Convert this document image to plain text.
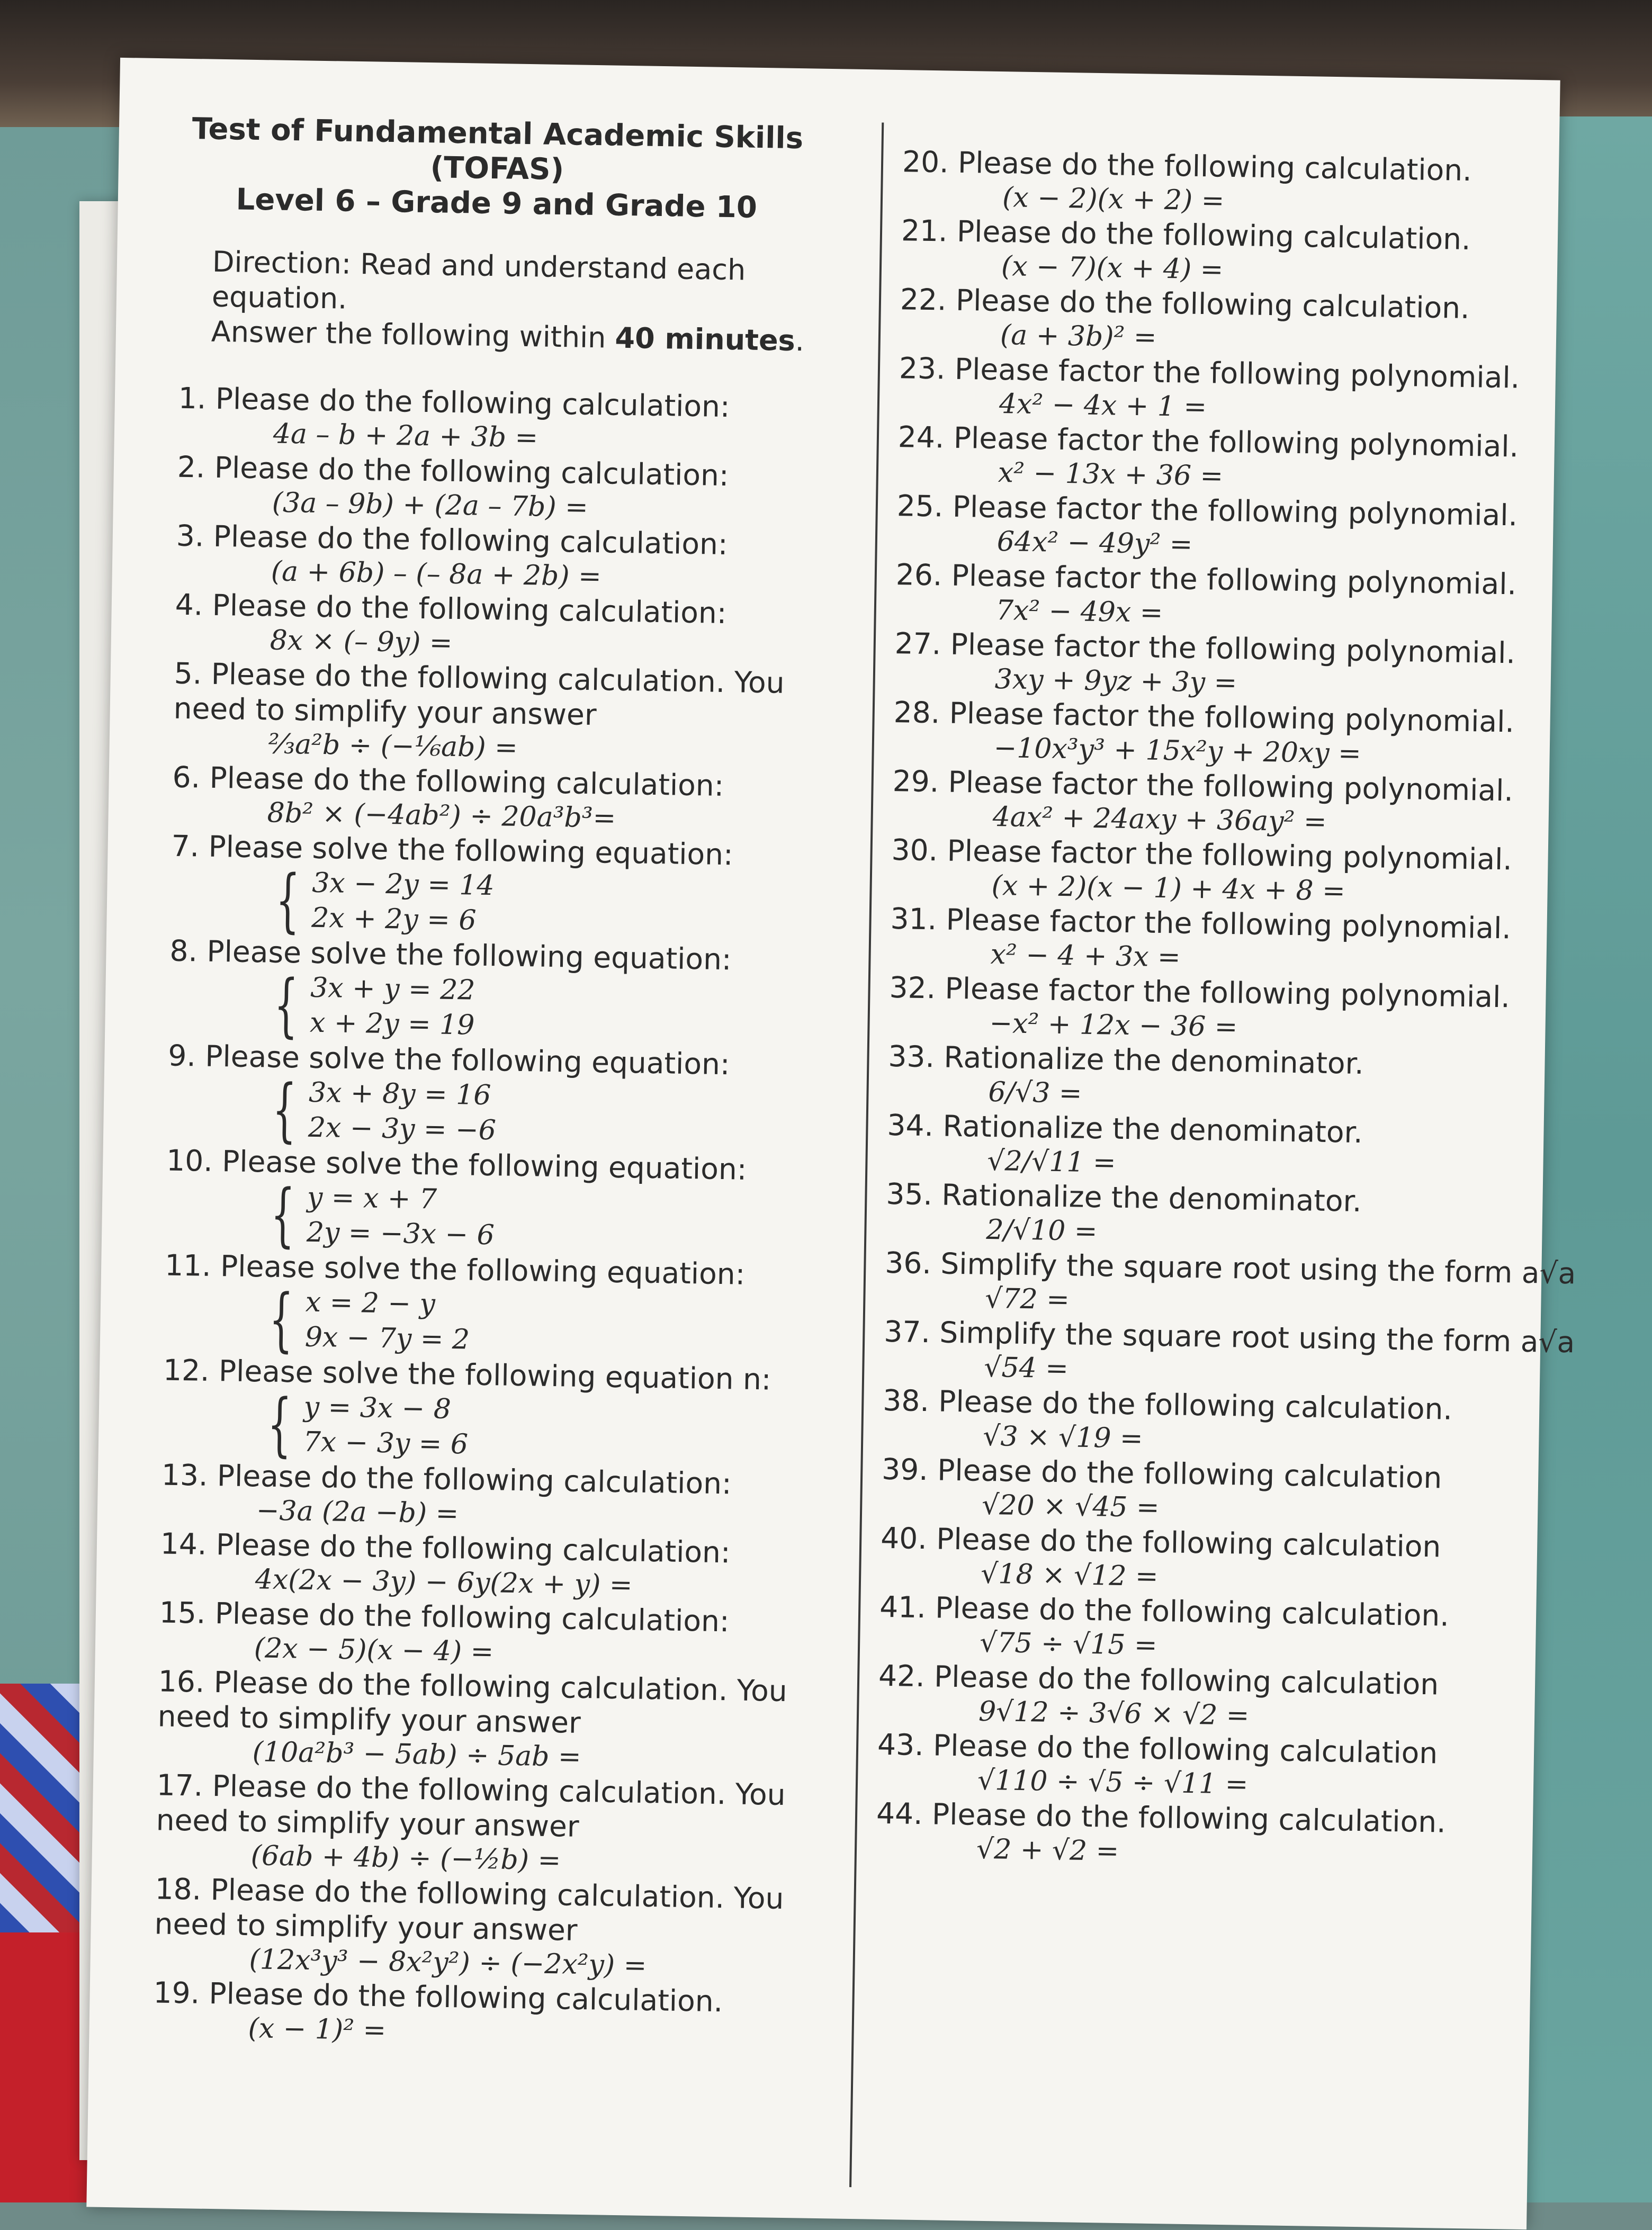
Test of Fundamental Academic Skills
(TOFAS)
Level 6 – Grade 9 and Grade 10
Direction: Read and understand each equation.
Answer the following within 40 minutes.
1. Please do the following calculation:
4a – b + 2a + 3b =
2. Please do the following calculation:
(3a – 9b) + (2a – 7b) =
3. Please do the following calculation:
(a + 6b) – (– 8a + 2b) =
4. Please do the following calculation:
8x × (– 9y) =
5. Please do the following calculation. You need to simplify your answer
⅔a²b ÷ (−⅙ab) =
6. Please do the following calculation:
8b² × (−4ab²) ÷ 20a³b³=
7. Please solve the following equation:
{ 3x − 2y = 14
2x + 2y = 6
8. Please solve the following equation:
{ 3x + y = 22
x + 2y = 19
9. Please solve the following equation:
{ 3x + 8y = 16
2x − 3y = −6
10. Please solve the following equation:
{ y = x + 7
2y = −3x − 6
11. Please solve the following equation:
{ x = 2 − y
9x − 7y = 2
12. Please solve the following equation n:
{ y = 3x − 8
7x − 3y = 6
13. Please do the following calculation:
−3a (2a −b) =
14. Please do the following calculation:
4x(2x − 3y) − 6y(2x + y) =
15. Please do the following calculation:
(2x − 5)(x − 4) =
16. Please do the following calculation. You need to simplify your answer
(10a²b³ − 5ab) ÷ 5ab =
17. Please do the following calculation. You need to simplify your answer
(6ab + 4b) ÷ (−½b) =
18. Please do the following calculation. You need to simplify your answer
(12x³y³ − 8x²y²) ÷ (−2x²y) =
19. Please do the following calculation.
(x − 1)² =
20. Please do the following calculation.
(x − 2)(x + 2) =
21. Please do the following calculation.
(x − 7)(x + 4) =
22. Please do the following calculation.
(a + 3b)² =
23. Please factor the following polynomial.
4x² − 4x + 1 =
24. Please factor the following polynomial.
x² − 13x + 36 =
25. Please factor the following polynomial.
64x² − 49y² =
26. Please factor the following polynomial.
7x² − 49x =
27. Please factor the following polynomial.
3xy + 9yz + 3y =
28. Please factor the following polynomial.
−10x³y³ + 15x²y + 20xy =
29. Please factor the following polynomial.
4ax² + 24axy + 36ay² =
30. Please factor the following polynomial.
(x + 2)(x − 1) + 4x + 8 =
31. Please factor the following polynomial.
x² − 4 + 3x =
32. Please factor the following polynomial.
−x² + 12x − 36 =
33. Rationalize the denominator.
6/√3 =
34. Rationalize the denominator.
√2/√11 =
35. Rationalize the denominator.
2/√10 =
36. Simplify the square root using the form a√a
√72 =
37. Simplify the square root using the form a√a
√54 =
38. Please do the following calculation.
√3 × √19 =
39. Please do the following calculation
√20 × √45 =
40. Please do the following calculation
√18 × √12 =
41. Please do the following calculation.
√75 ÷ √15 =
42. Please do the following calculation
9√12 ÷ 3√6 × √2 =
43. Please do the following calculation
√110 ÷ √5 ÷ √11 =
44. Please do the following calculation.
√2 + √2 =
